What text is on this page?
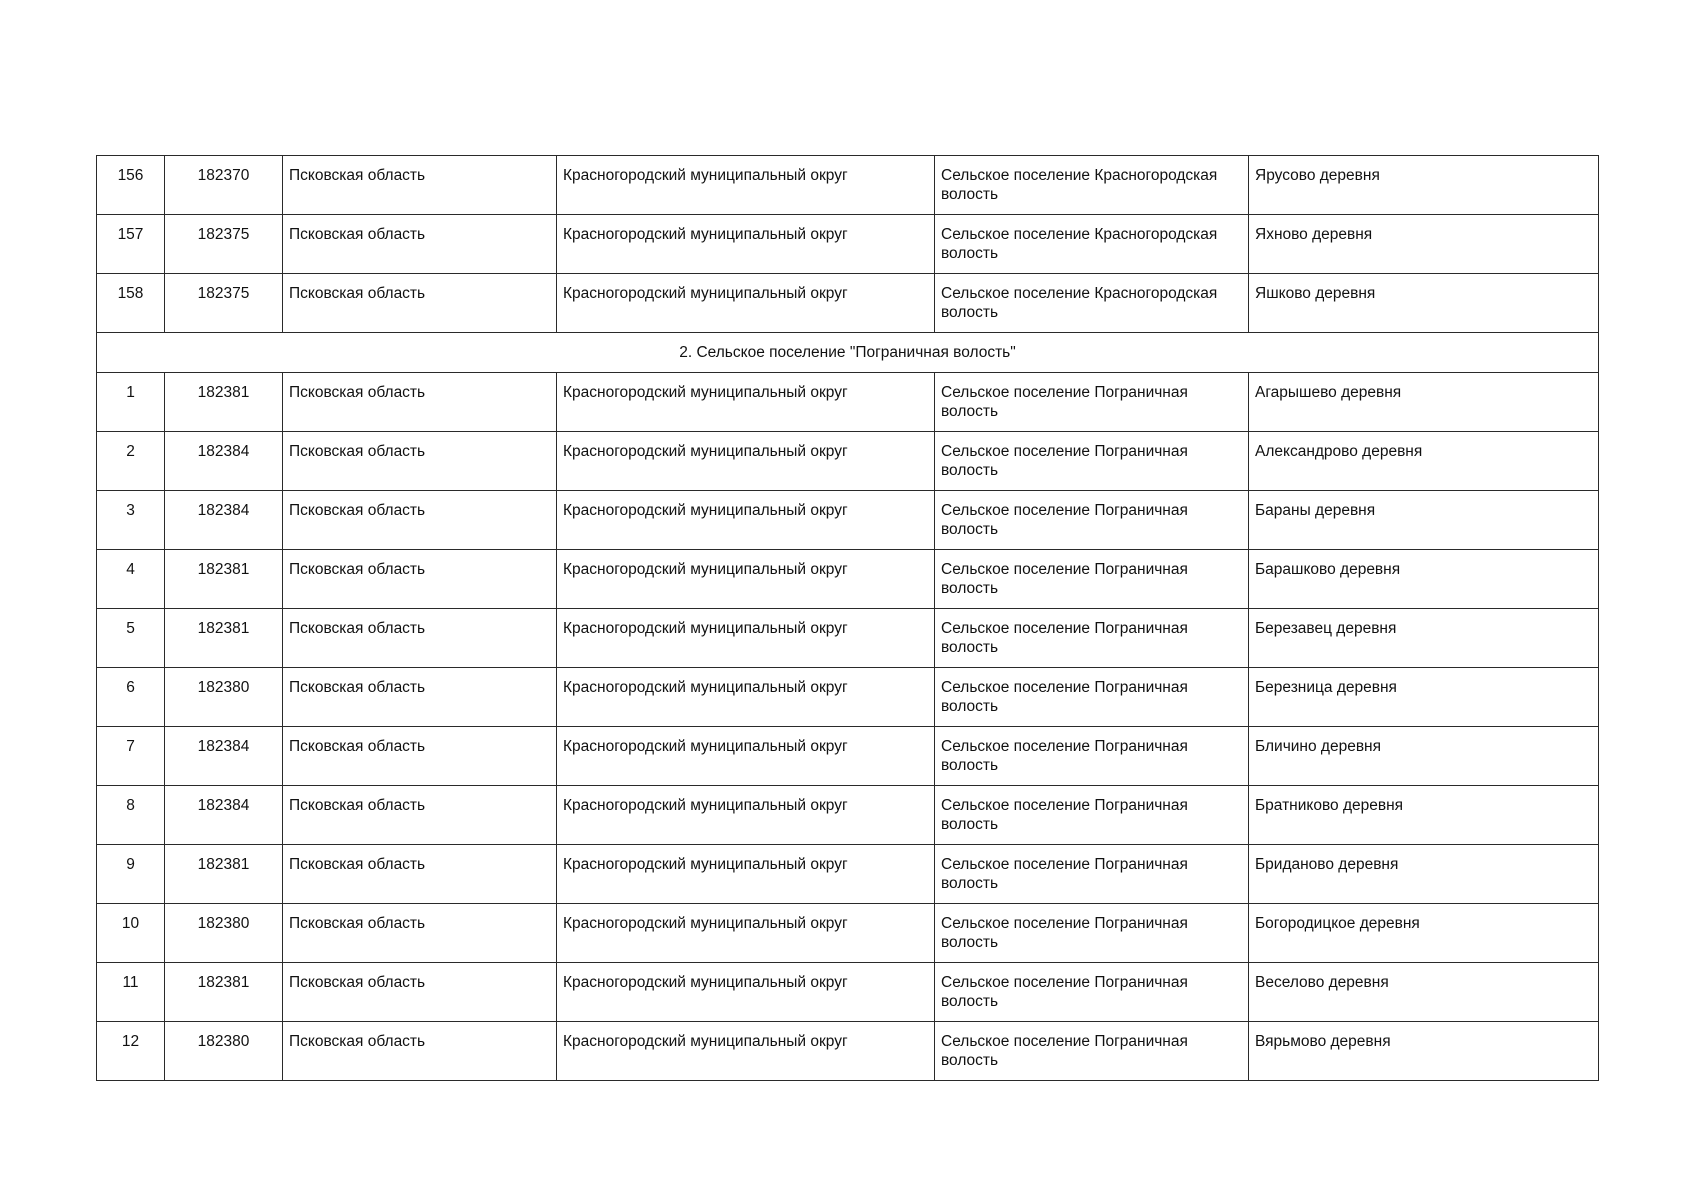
156	182370	Псковская область	Красногородский муниципальный округ	Сельское поселение Красногородская волость	Ярусово деревня
157	182375	Псковская область	Красногородский муниципальный округ	Сельское поселение Красногородская волость	Яхново деревня
158	182375	Псковская область	Красногородский муниципальный округ	Сельское поселение Красногородская волость	Яшково деревня
2. Сельское поселение "Пограничная волость"					
1	182381	Псковская область	Красногородский муниципальный округ	Сельское поселение Пограничная волость	Агарышево деревня
2	182384	Псковская область	Красногородский муниципальный округ	Сельское поселение Пограничная волость	Александрово деревня
3	182384	Псковская область	Красногородский муниципальный округ	Сельское поселение Пограничная волость	Бараны деревня
4	182381	Псковская область	Красногородский муниципальный округ	Сельское поселение Пограничная волость	Барашково деревня
5	182381	Псковская область	Красногородский муниципальный округ	Сельское поселение Пограничная волость	Березавец деревня
6	182380	Псковская область	Красногородский муниципальный округ	Сельское поселение Пограничная волость	Березница деревня
7	182384	Псковская область	Красногородский муниципальный округ	Сельское поселение Пограничная волость	Бличино деревня
8	182384	Псковская область	Красногородский муниципальный округ	Сельское поселение Пограничная волость	Братниково деревня
9	182381	Псковская область	Красногородский муниципальный округ	Сельское поселение Пограничная волость	Бриданово деревня
10	182380	Псковская область	Красногородский муниципальный округ	Сельское поселение Пограничная волость	Богородицкое деревня
11	182381	Псковская область	Красногородский муниципальный округ	Сельское поселение Пограничная волость	Веселово деревня
12	182380	Псковская область	Красногородский муниципальный округ	Сельское поселение Пограничная волость	Вярьмово деревня
